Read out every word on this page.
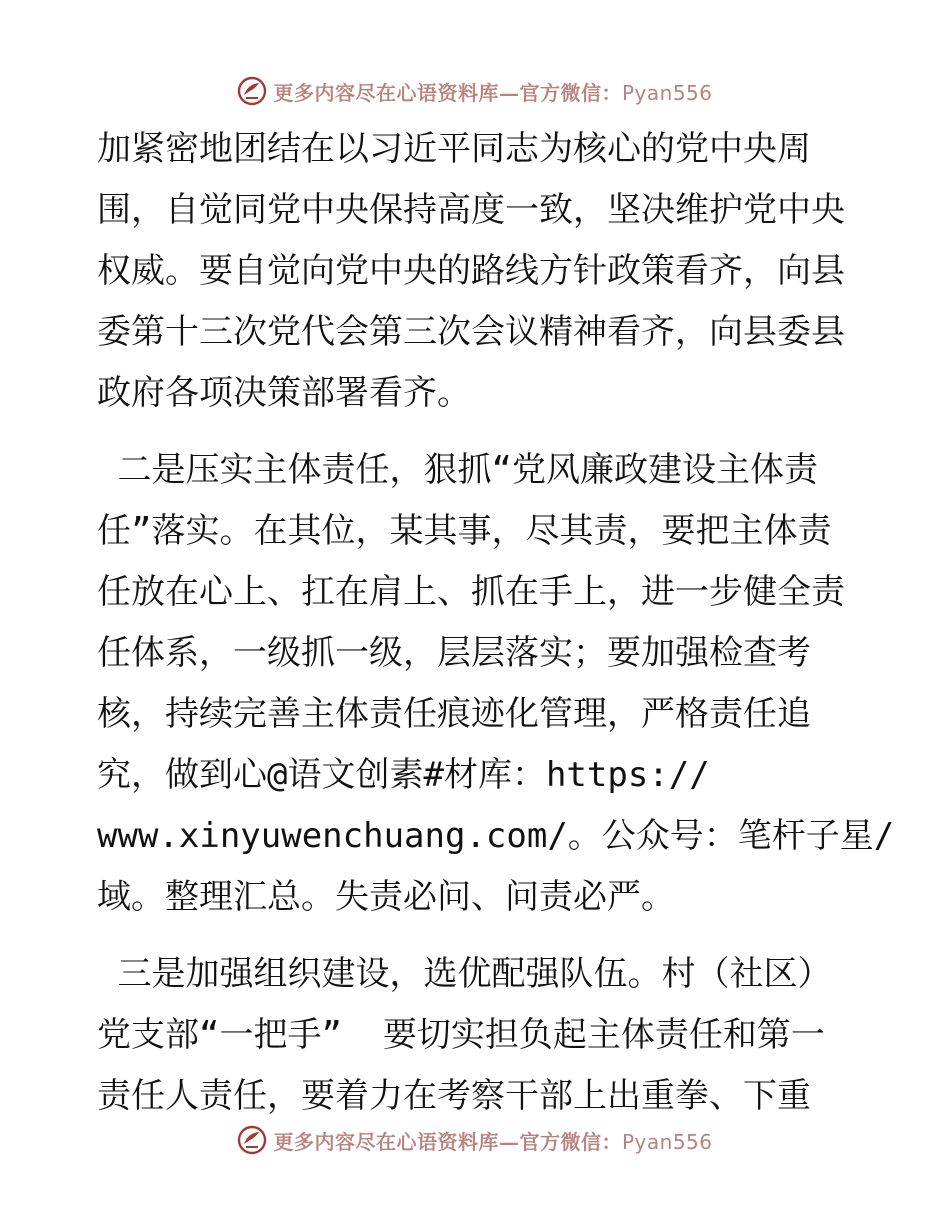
更多内容尽在心语资料库—官方微信：Pyan556
加紧密地团结在以习近平同志为核心的党中央周
围，自觉同党中央保持高度一致，坚决维护党中央
权威。要自觉向党中央的路线方针政策看齐，向县
委第十三次党代会第三次会议精神看齐，向县委县
政府各项决策部署看齐。
二是压实主体责任，狠抓“党风廉政建设主体责
任”落实。在其位，某其事，尽其责，要把主体责
任放在心上、扛在肩上、抓在手上，进一步健全责
任体系，一级抓一级，层层落实；要加强检查考
核，持续完善主体责任痕迹化管理，严格责任追
究，做到心@语文创素#材库：https://
www.xinyuwenchuang.com/。公众号：笔杆子星/
域。整理汇总。失责必问、问责必严。
三是加强组织建设，选优配强队伍。村（社区）
党支部“一把手”  要切实担负起主体责任和第一
责任人责任，要着力在考察干部上出重拳、下重
更多内容尽在心语资料库—官方微信：Pyan556
